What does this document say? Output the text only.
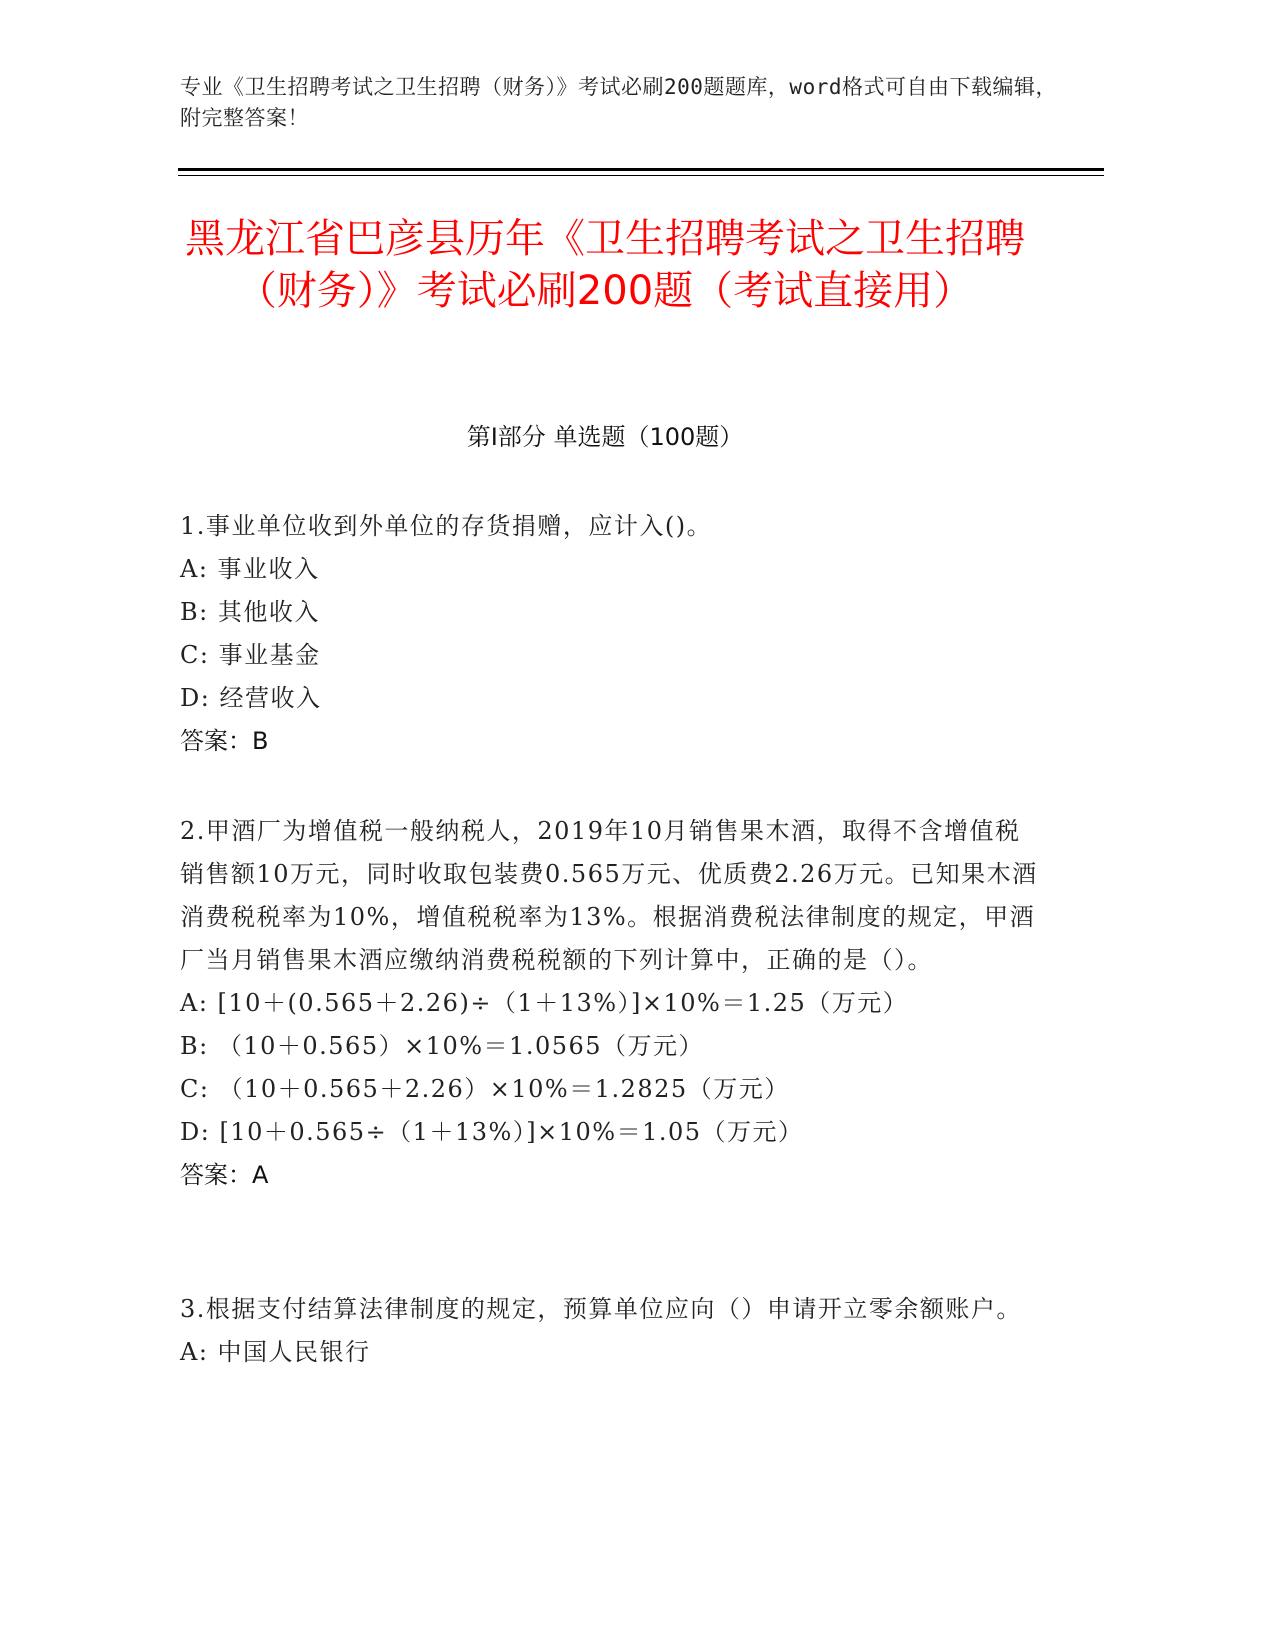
专业《卫生招聘考试之卫生招聘（财务）》考试必刷200题题库，word格式可自由下载编辑，附完整答案！
黑龙江省巴彦县历年《卫生招聘考试之卫生招聘（财务）》考试必刷200题（考试直接用）
第I部分 单选题（100题）

1.事业单位收到外单位的存货捐赠，应计入()。

A: 事业收入

B: 其他收入

C: 事业基金

D: 经营收入

答案：B

2.甲酒厂为增值税一般纳税人，2019年10月销售果木酒，取得不含增值税销售额10万元，同时收取包装费0.565万元、优质费2.26万元。已知果木酒消费税税率为10%，增值税税率为13%。根据消费税法律制度的规定，甲酒厂当月销售果木酒应缴纳消费税税额的下列计算中，正确的是（）。

A: [10＋(0.565＋2.26)÷（1＋13%）]×10%＝1.25（万元）

B: （10＋0.565）×10%＝1.0565（万元）

C: （10＋0.565＋2.26）×10%＝1.2825（万元）

D: [10＋0.565÷（1＋13%）]×10%＝1.05（万元）

答案：A

3.根据支付结算法律制度的规定，预算单位应向（）申请开立零余额账户。

A: 中国人民银行
